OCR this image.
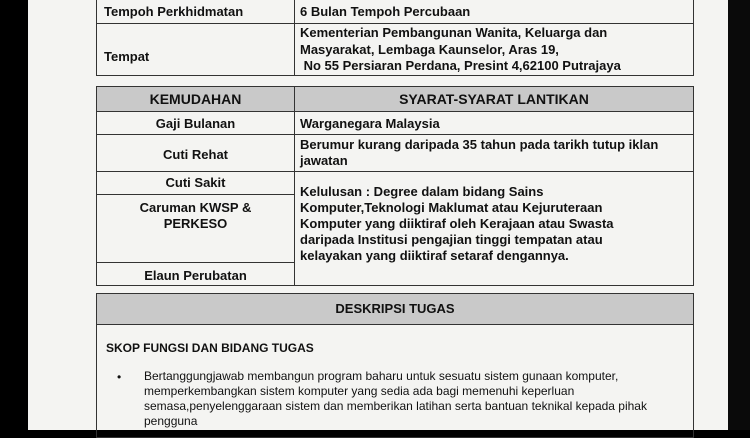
Tempoh Perkhidmatan	6 Bulan Tempoh Percubaan
Tempat
Kementerian Pembangunan Wanita, Keluarga dan
Masyarakat, Lembaga Kaunselor, Aras 19,
No 55 Persiaran Perdana, Presint 4,62100 Putrajaya
KEMUDAHAN	SYARAT-SYARAT LANTIKAN
Gaji Bulanan
Cuti Rehat
Cuti Sakit
Caruman KWSP &
PERKESO
Elaun Perubatan
Warganegara Malaysia
Berumur kurang daripada 35 tahun pada tarikh tutup iklan
jawatan
Kelulusan : Degree dalam bidang Sains
Komputer,Teknologi Maklumat atau Kejuruteraan
Komputer yang diiktiraf oleh Kerajaan atau Swasta
daripada Institusi pengajian tinggi tempatan atau
kelayakan yang diiktiraf setaraf dengannya.
DESKRIPSI TUGAS
SKOP FUNGSI DAN BIDANG TUGAS
• Bertanggungjawab membangun program baharu untuk sesuatu sistem gunaan komputer,
memperkembangkan sistem komputer yang sedia ada bagi memenuhi keperluan
semasa,penyelenggaraan sistem dan memberikan latihan serta bantuan teknikal kepada pihak
pengguna
